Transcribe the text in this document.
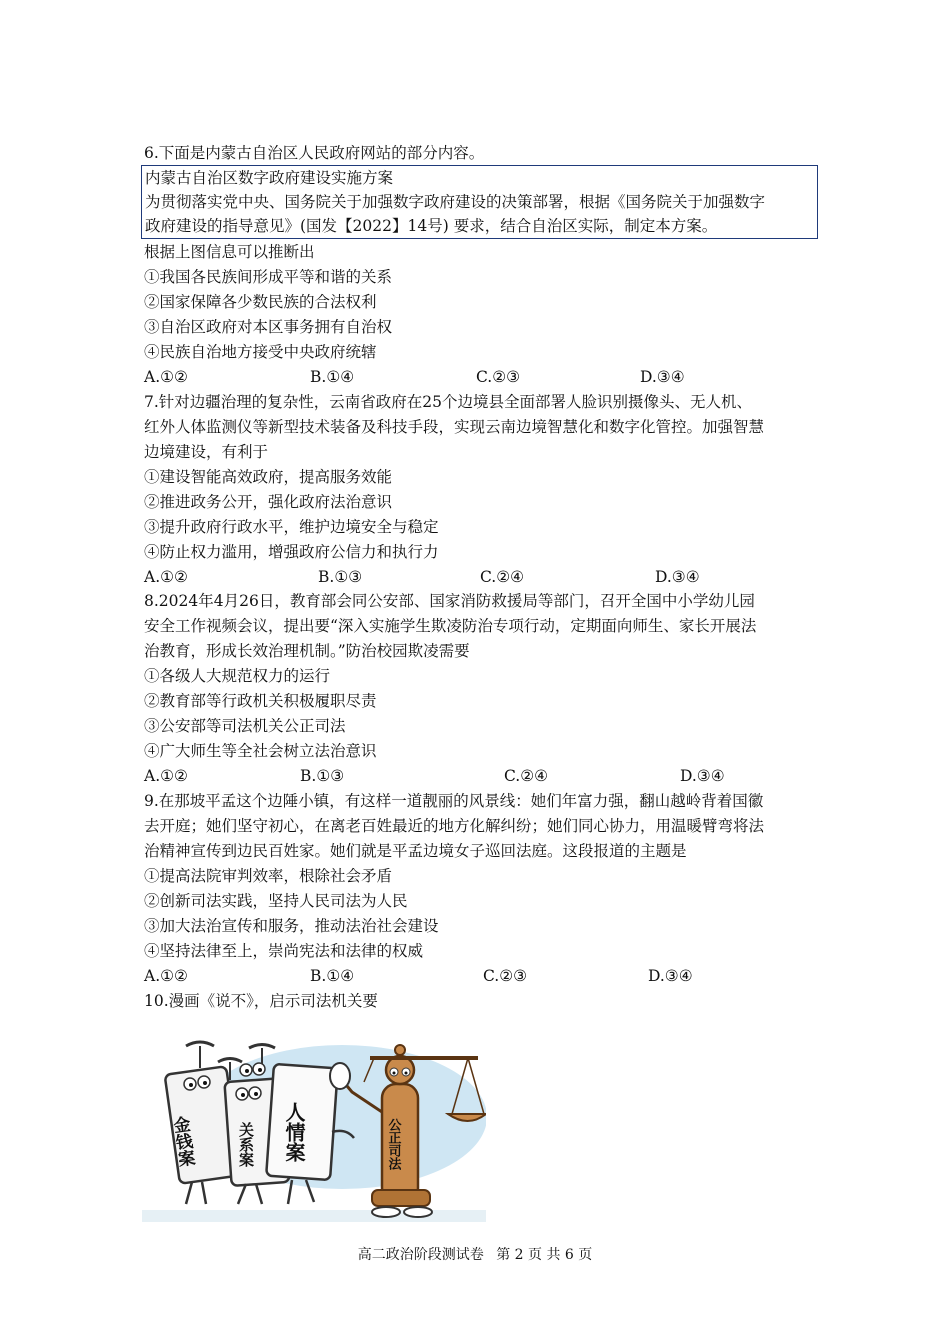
6.下面是内蒙古自治区人民政府网站的部分内容。
内蒙古自治区数字政府建设实施方案
为贯彻落实党中央、国务院关于加强数字政府建设的决策部署，根据《国务院关于加强数字
政府建设的指导意见》(国发【2022】14号) 要求，结合自治区实际，制定本方案。
根据上图信息可以推断出
①我国各民族间形成平等和谐的关系
②国家保障各少数民族的合法权利
③自治区政府对本区事务拥有自治权
④民族自治地方接受中央政府统辖
A.①②	B.①④	C.②③	D.③④
7.针对边疆治理的复杂性，云南省政府在25个边境县全面部署人脸识别摄像头、无人机、
红外人体监测仪等新型技术装备及科技手段，实现云南边境智慧化和数字化管控。加强智慧
边境建设，有利于
①建设智能高效政府，提高服务效能
②推进政务公开，强化政府法治意识
③提升政府行政水平，维护边境安全与稳定
④防止权力滥用，增强政府公信力和执行力
A.①②	B.①③	C.②④	D.③④
8.2024年4月26日，教育部会同公安部、国家消防救援局等部门，召开全国中小学幼儿园
安全工作视频会议，提出要“深入实施学生欺凌防治专项行动，定期面向师生、家长开展法
治教育，形成长效治理机制。”防治校园欺凌需要
①各级人大规范权力的运行
②教育部等行政机关积极履职尽责
③公安部等司法机关公正司法
④广大师生等全社会树立法治意识
A.①②	B.①③	C.②④	D.③④
9.在那坡平孟这个边陲小镇，有这样一道靓丽的风景线：她们年富力强，翻山越岭背着国徽
去开庭；她们坚守初心，在离老百姓最近的地方化解纠纷；她们同心协力，用温暖臂弯将法
治精神宣传到边民百姓家。她们就是平孟边境女子巡回法庭。这段报道的主题是
①提高法院审判效率，根除社会矛盾
②创新司法实践，坚持人民司法为人民
③加大法治宣传和服务，推动法治社会建设
④坚持法律至上，崇尚宪法和法律的权威
A.①②	B.①④	C.②③	D.③④
10.漫画《说不》，启示司法机关要
金钱案	关系案 人情案	公正司法
高二政治阶段测试卷 第 2 页 共 6 页
